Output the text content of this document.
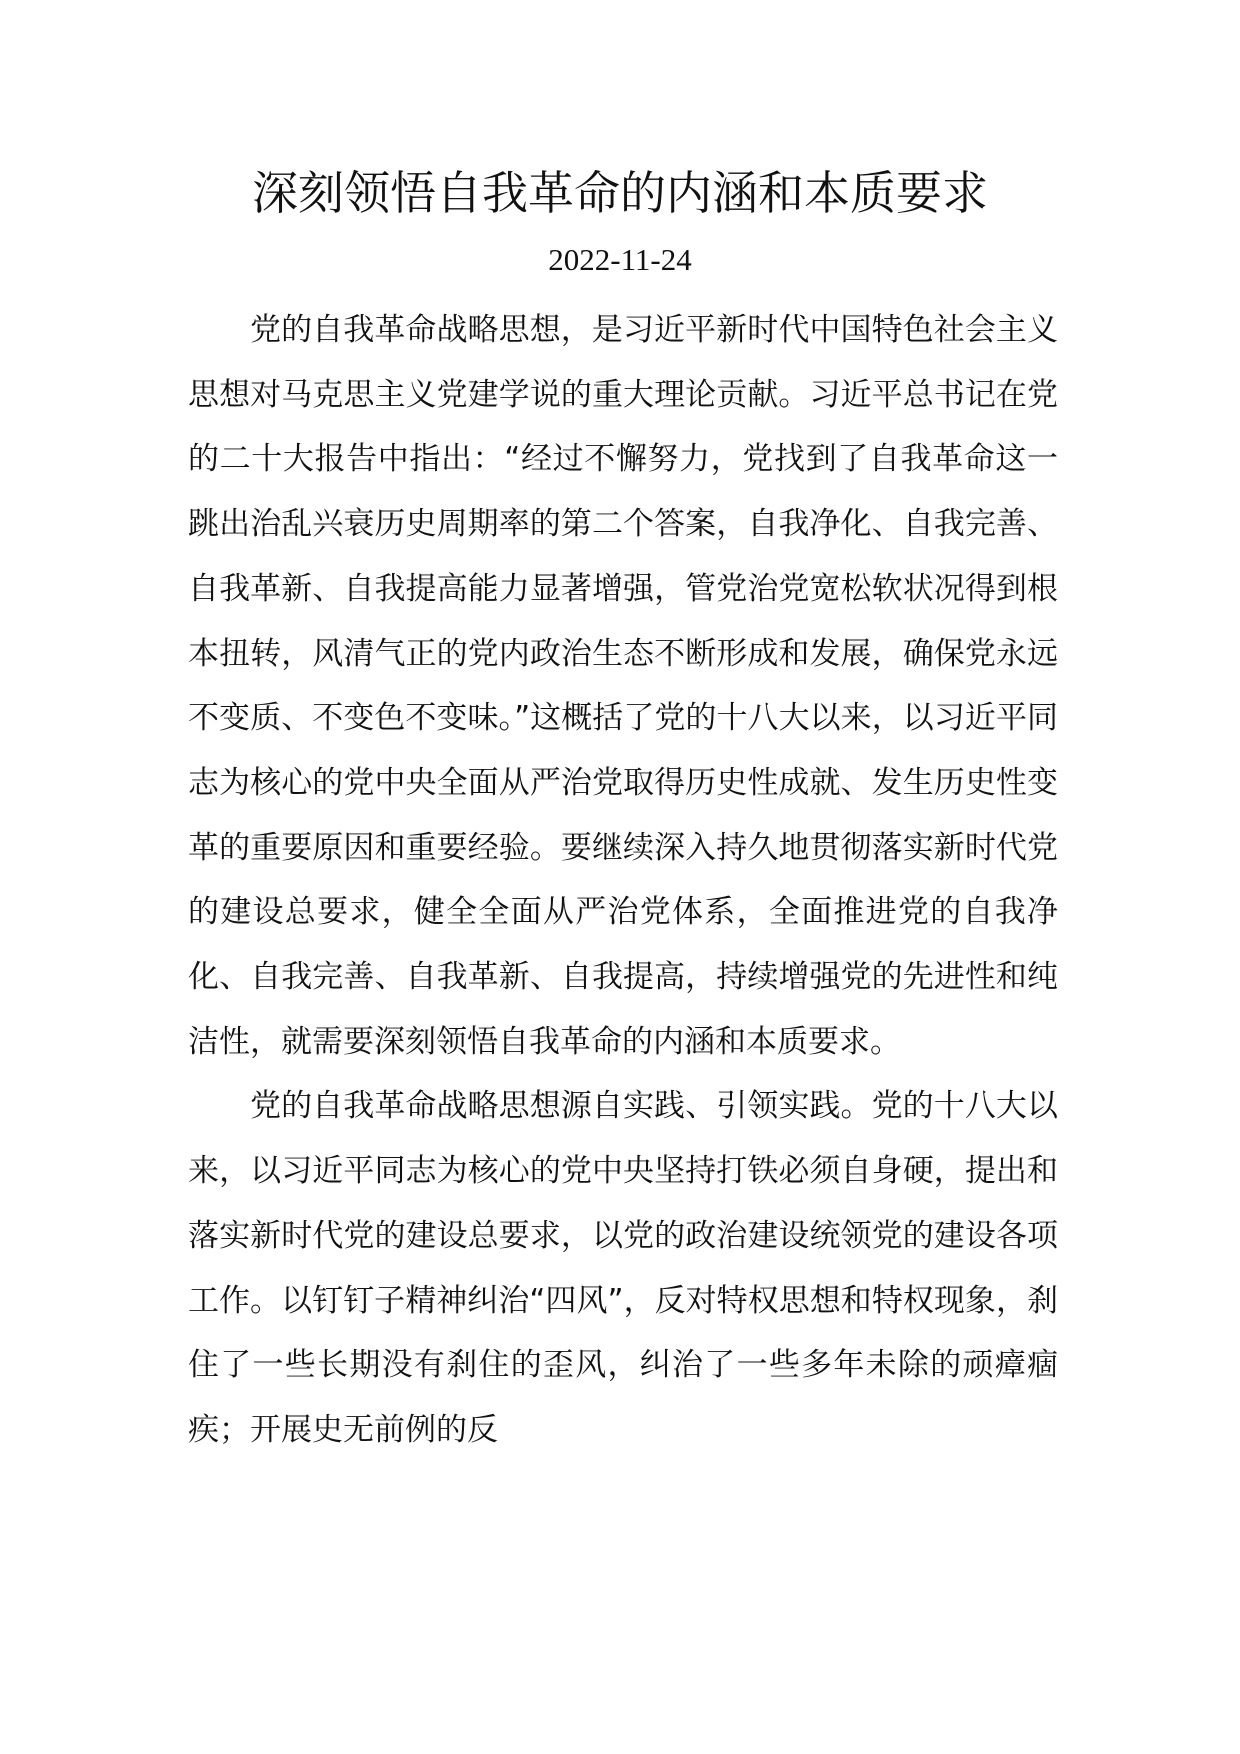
深刻领悟自我革命的内涵和本质要求
2022-11-24

党的自我革命战略思想，是习近平新时代中国特色社会主义思想对马克思主义党建学说的重大理论贡献。习近平总书记在党的二十大报告中指出：“经过不懈努力，党找到了自我革命这一跳出治乱兴衰历史周期率的第二个答案，自我净化、自我完善、自我革新、自我提高能力显著增强，管党治党宽松软状况得到根本扭转，风清气正的党内政治生态不断形成和发展，确保党永远不变质、不变色不变味。”这概括了党的十八大以来，以习近平同志为核心的党中央全面从严治党取得历史性成就、发生历史性变革的重要原因和重要经验。要继续深入持久地贯彻落实新时代党的建设总要求，健全全面从严治党体系，全面推进党的自我净化、自我完善、自我革新、自我提高，持续增强党的先进性和纯洁性，就需要深刻领悟自我革命的内涵和本质要求。

党的自我革命战略思想源自实践、引领实践。党的十八大以来，以习近平同志为核心的党中央坚持打铁必须自身硬，提出和落实新时代党的建设总要求，以党的政治建设统领党的建设各项工作。以钉钉子精神纠治“四风”，反对特权思想和特权现象，刹住了一些长期没有刹住的歪风，纠治了一些多年未除的顽瘴痼疾；开展史无前例的反
